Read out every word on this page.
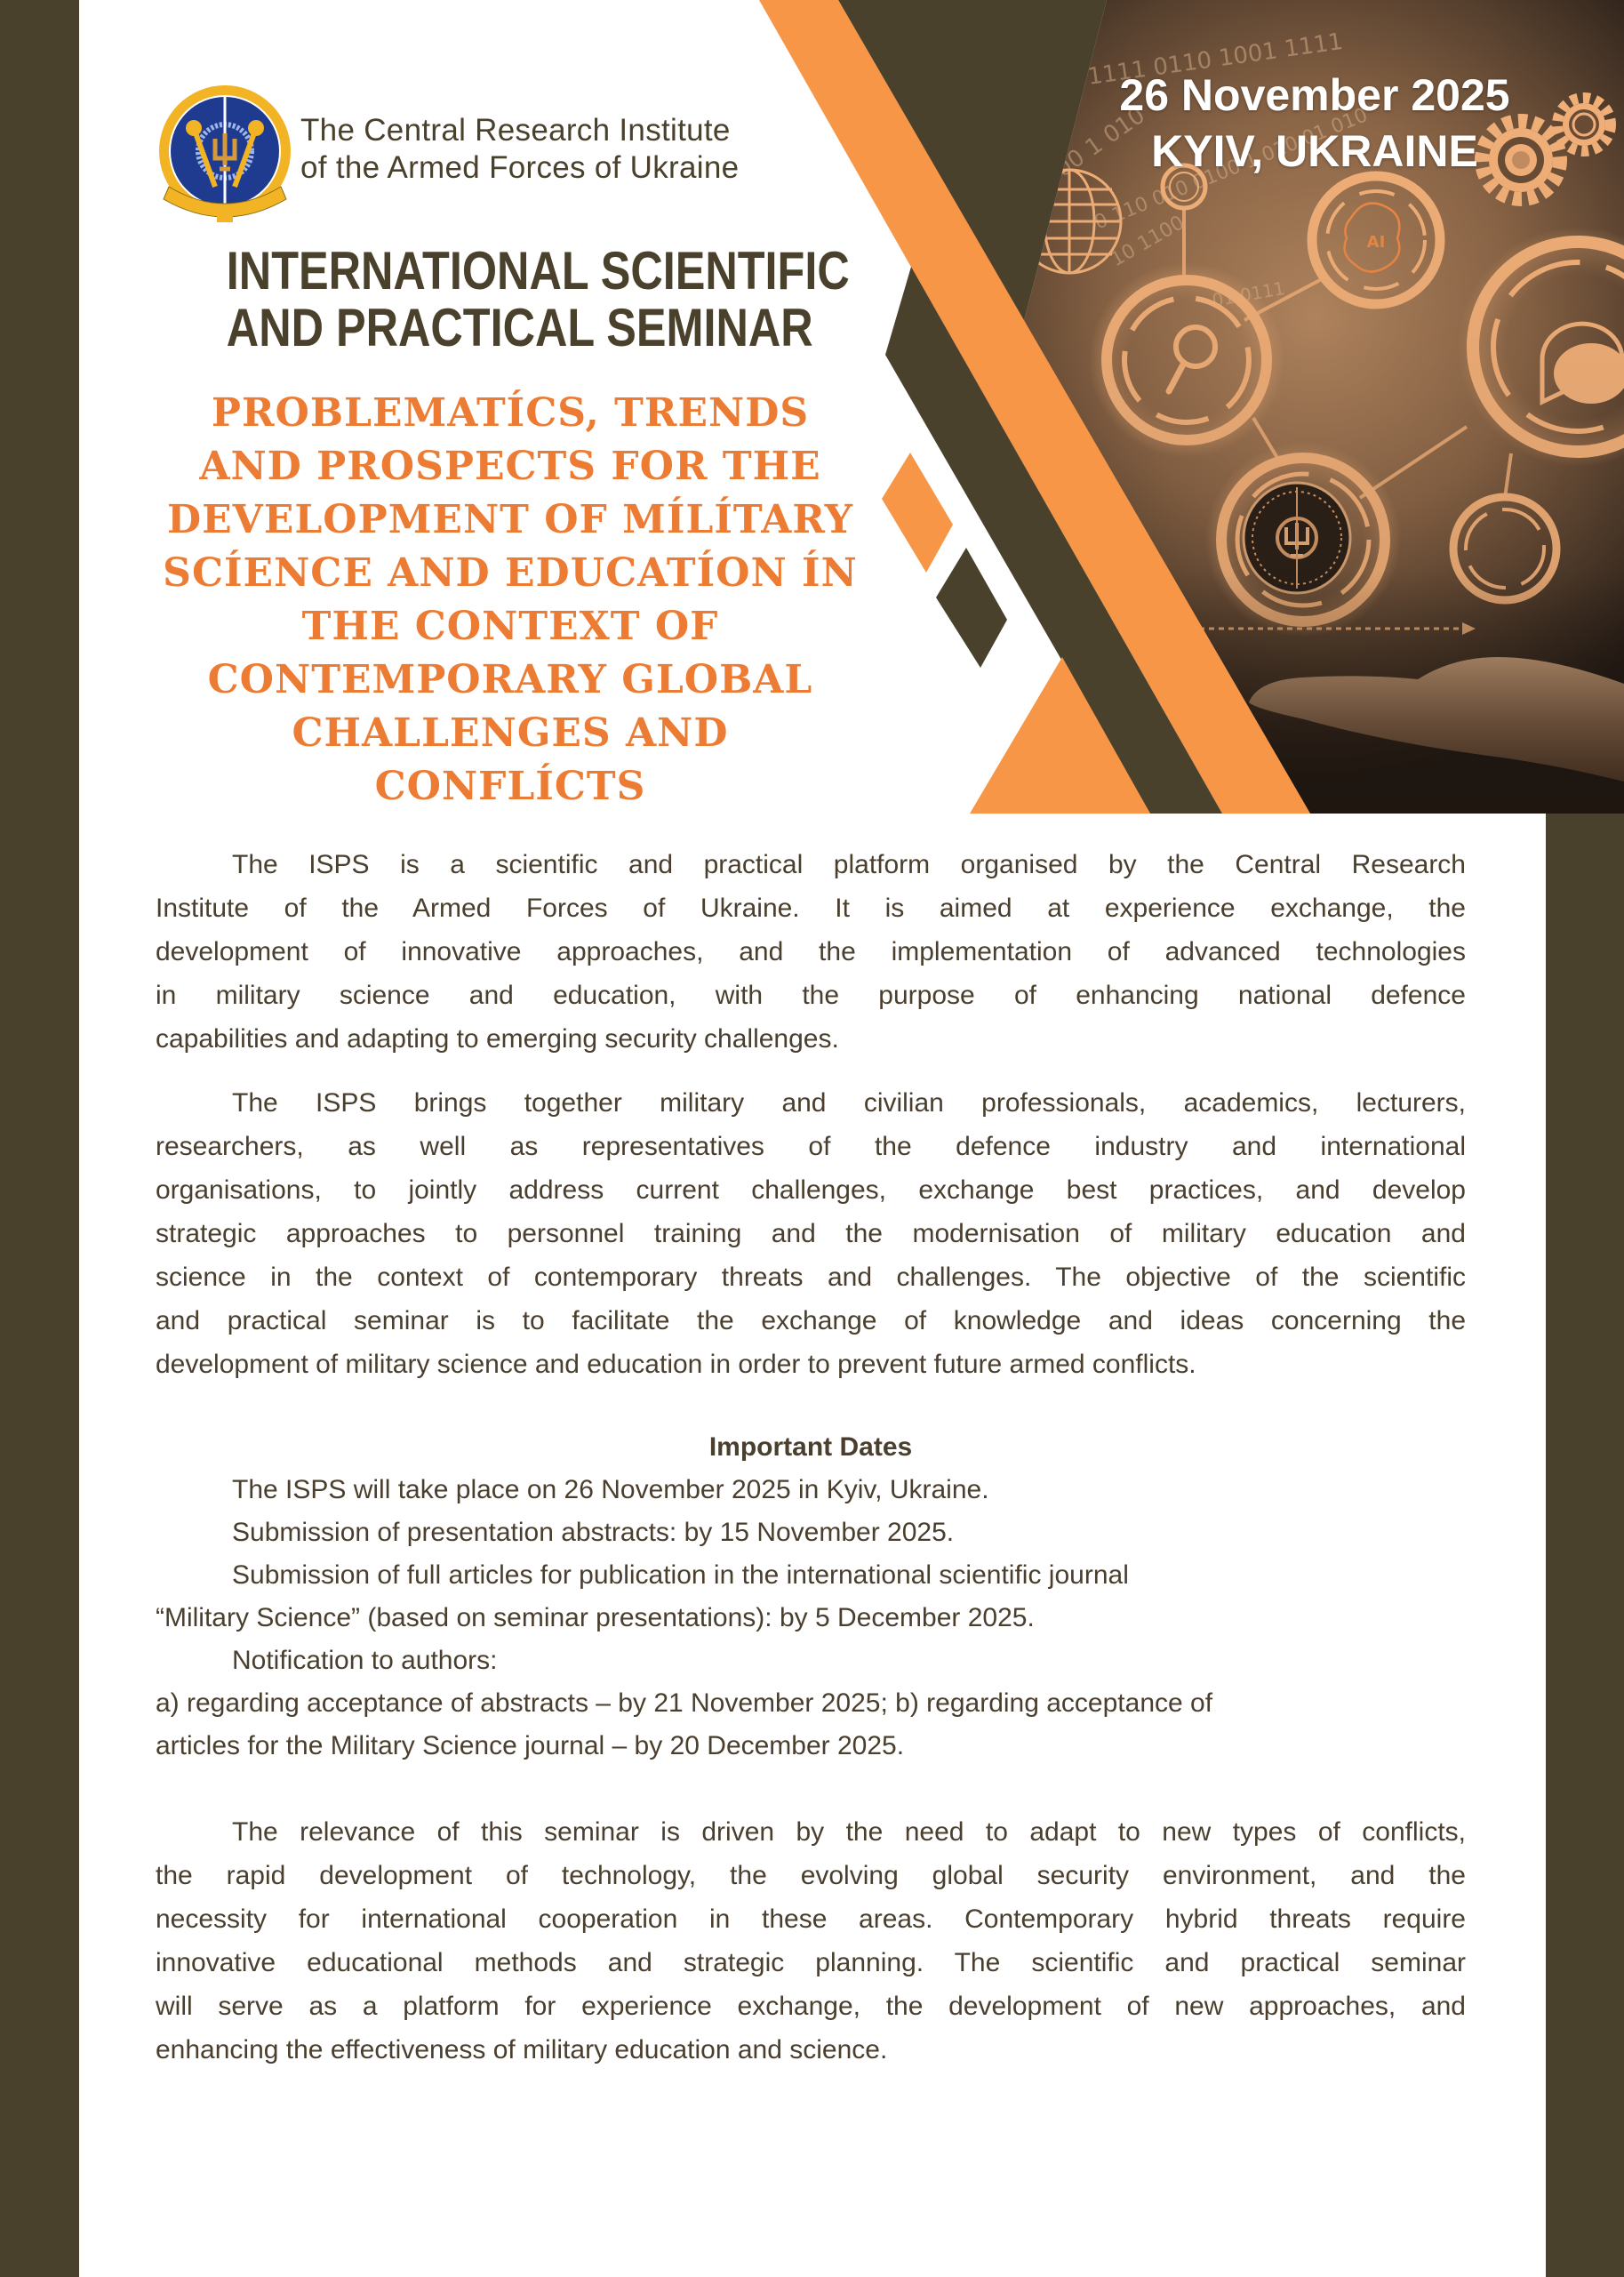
The Central Research Institute
of the Armed Forces of Ukraine
26 November 2025
KYIV, UKRAINE
INTERNATIONAL SCIENTIFIC
AND PRACTICAL SEMINAR
PROBLEMATÍCS, TRENDS
AND PROSPECTS FOR THE
DEVELOPMENT OF MÍLÍTARY
SCÍENCE AND EDUCATÍON ÍN
THE CONTEXT OF
CONTEMPORARY GLOBAL
CHALLENGES AND
CONFLÍCTS
The ISPS is a scientific and practical platform organised by the Central Research
Institute of the Armed Forces of Ukraine. It is aimed at experience exchange, the
development of innovative approaches, and the implementation of advanced technologies
in military science and education, with the purpose of enhancing national defence
capabilities and adapting to emerging security challenges.
The ISPS brings together military and civilian professionals, academics, lecturers,
researchers, as well as representatives of the defence industry and international
organisations, to jointly address current challenges, exchange best practices, and develop
strategic approaches to personnel training and the modernisation of military education and
science in the context of contemporary threats and challenges. The objective of the scientific
and practical seminar is to facilitate the exchange of knowledge and ideas concerning the
development of military science and education in order to prevent future armed conflicts.
Important Dates
The ISPS will take place on 26 November 2025 in Kyiv, Ukraine.
Submission of presentation abstracts: by 15 November 2025.
Submission of full articles for publication in the international scientific journal
“Military Science” (based on seminar presentations): by 5 December 2025.
Notification to authors:
a) regarding acceptance of abstracts – by 21 November 2025; b) regarding acceptance of
articles for the Military Science journal – by 20 December 2025.
The relevance of this seminar is driven by the need to adapt to new types of conflicts,
the rapid development of technology, the evolving global security environment, and the
necessity for international cooperation in these areas. Contemporary hybrid threats require
innovative educational methods and strategic planning. The scientific and practical seminar
will serve as a platform for experience exchange, the development of new approaches, and
enhancing the effectiveness of military education and science.
